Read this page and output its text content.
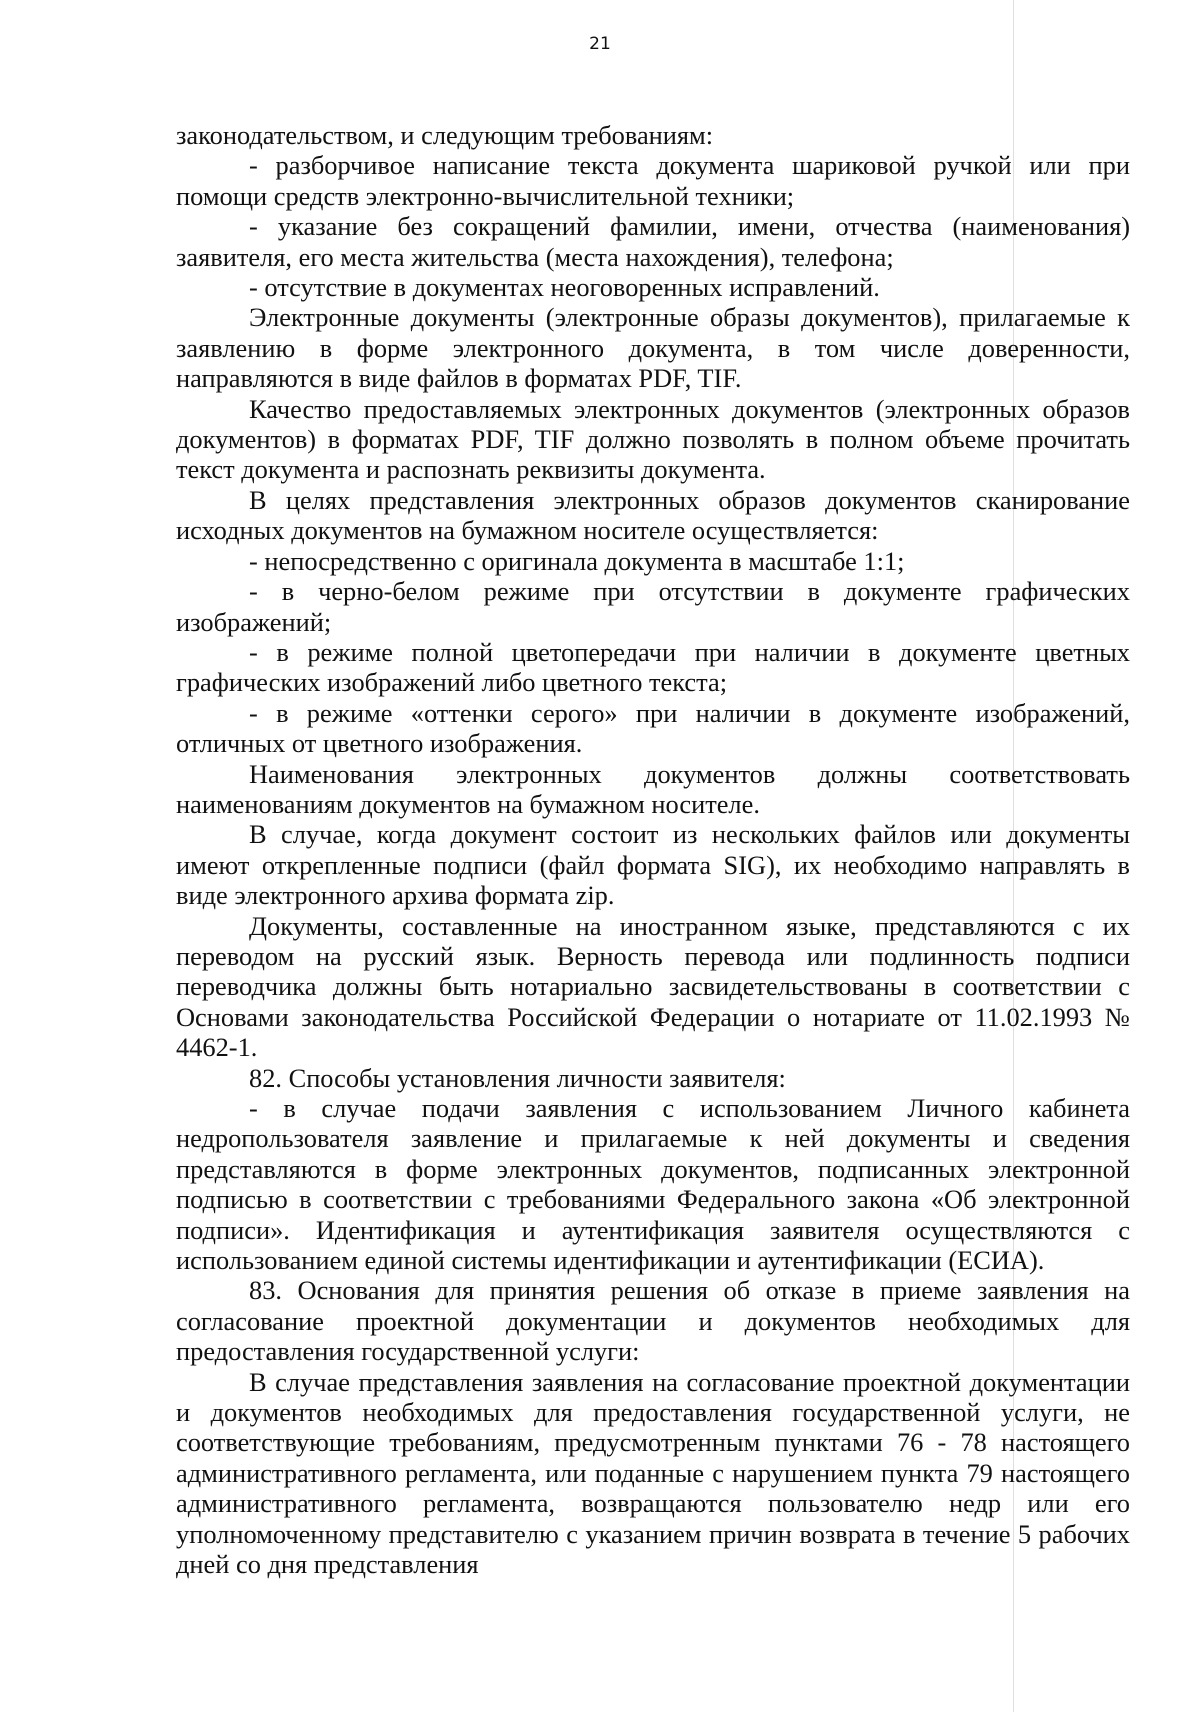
21

законодательством, и следующим требованиям:

- разборчивое написание текста документа шариковой ручкой или при помощи средств электронно-вычислительной техники;

- указание без сокращений фамилии, имени, отчества (наименования) заявителя, его места жительства (места нахождения), телефона;

- отсутствие в документах неоговоренных исправлений.

Электронные документы (электронные образы документов), прилагаемые к заявлению в форме электронного документа, в том числе доверенности, направляются в виде файлов в форматах PDF, TIF.

Качество предоставляемых электронных документов (электронных образов документов) в форматах PDF, TIF должно позволять в полном объеме прочитать текст документа и распознать реквизиты документа.

В целях представления электронных образов документов сканирование исходных документов на бумажном носителе осуществляется:

- непосредственно с оригинала документа в масштабе 1:1;

- в черно-белом режиме при отсутствии в документе графических изображений;

- в режиме полной цветопередачи при наличии в документе цветных графических изображений либо цветного текста;

- в режиме «оттенки серого» при наличии в документе изображений, отличных от цветного изображения.

Наименования электронных документов должны соответствовать наименованиям документов на бумажном носителе.

В случае, когда документ состоит из нескольких файлов или документы имеют открепленные подписи (файл формата SIG), их необходимо направлять в виде электронного архива формата zip.

Документы, составленные на иностранном языке, представляются с их переводом на русский язык. Верность перевода или подлинность подписи переводчика должны быть нотариально засвидетельствованы в соответствии с Основами законодательства Российской Федерации о нотариате от 11.02.1993 № 4462-1.

82. Способы установления личности заявителя:

- в случае подачи заявления с использованием Личного кабинета недропользователя заявление и прилагаемые к ней документы и сведения представляются в форме электронных документов, подписанных электронной подписью в соответствии с требованиями Федерального закона «Об электронной подписи». Идентификация и аутентификация заявителя осуществляются с использованием единой системы идентификации и аутентификации (ЕСИА).

83. Основания для принятия решения об отказе в приеме заявления на согласование проектной документации и документов необходимых для предоставления государственной услуги:

В случае представления заявления на согласование проектной документации и документов необходимых для предоставления государственной услуги, не соответствующие требованиям, предусмотренным пунктами 76 - 78 настоящего административного регламента, или поданные с нарушением пункта 79 настоящего административного регламента, возвращаются пользователю недр или его уполномоченному представителю с указанием причин возврата в течение 5 рабочих дней со дня представления
